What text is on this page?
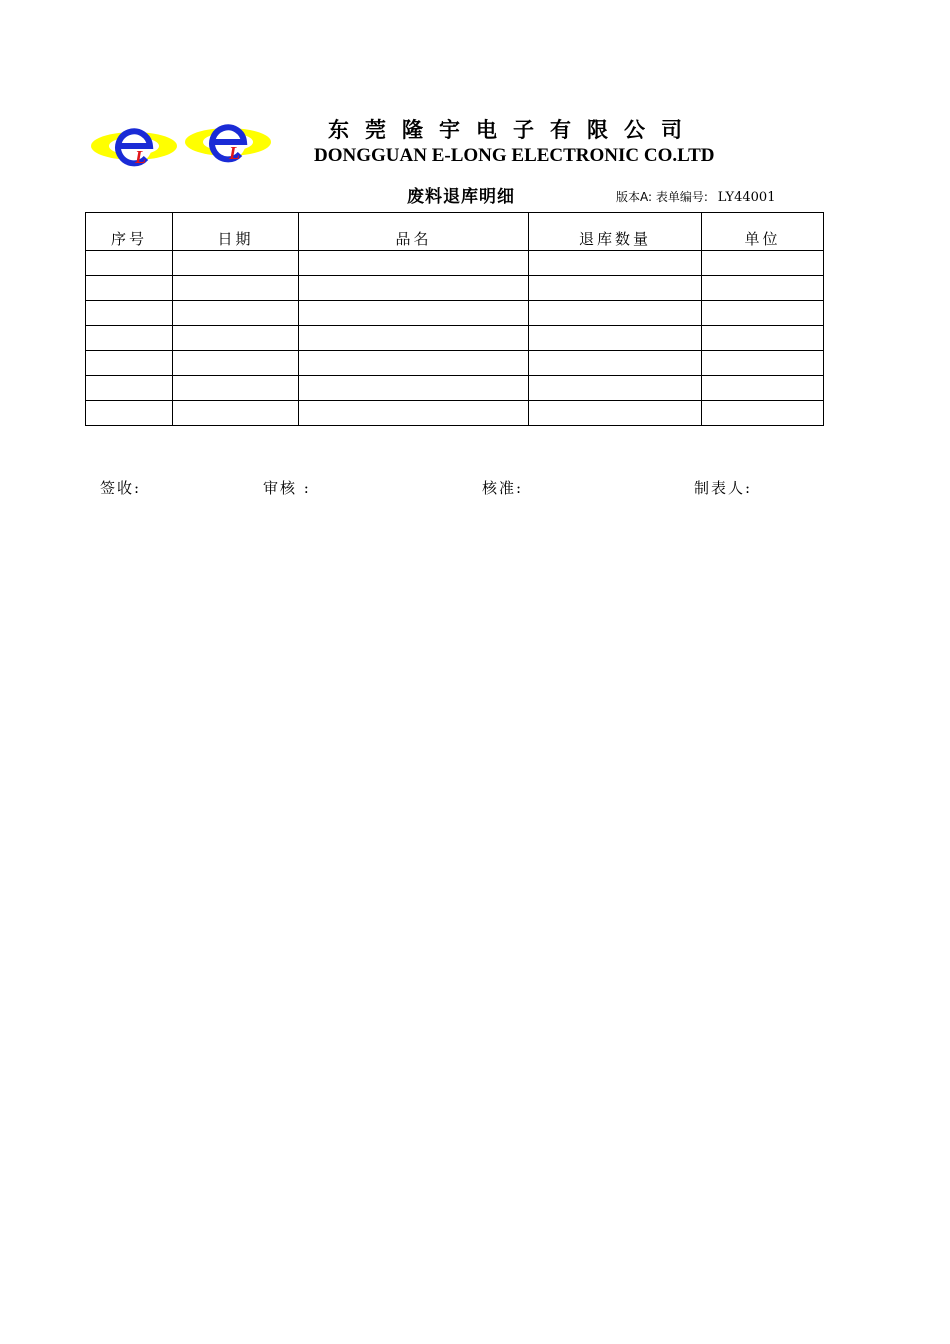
L	L
东莞隆宇电子有限公司
DONGGUAN E-LONG ELECTRONIC CO.LTD
废料退库明细	版本A: 表单编号: LY44001
序号	日期	品名	退库数量	单位

签收:	审核 :	核准:	制表人:
